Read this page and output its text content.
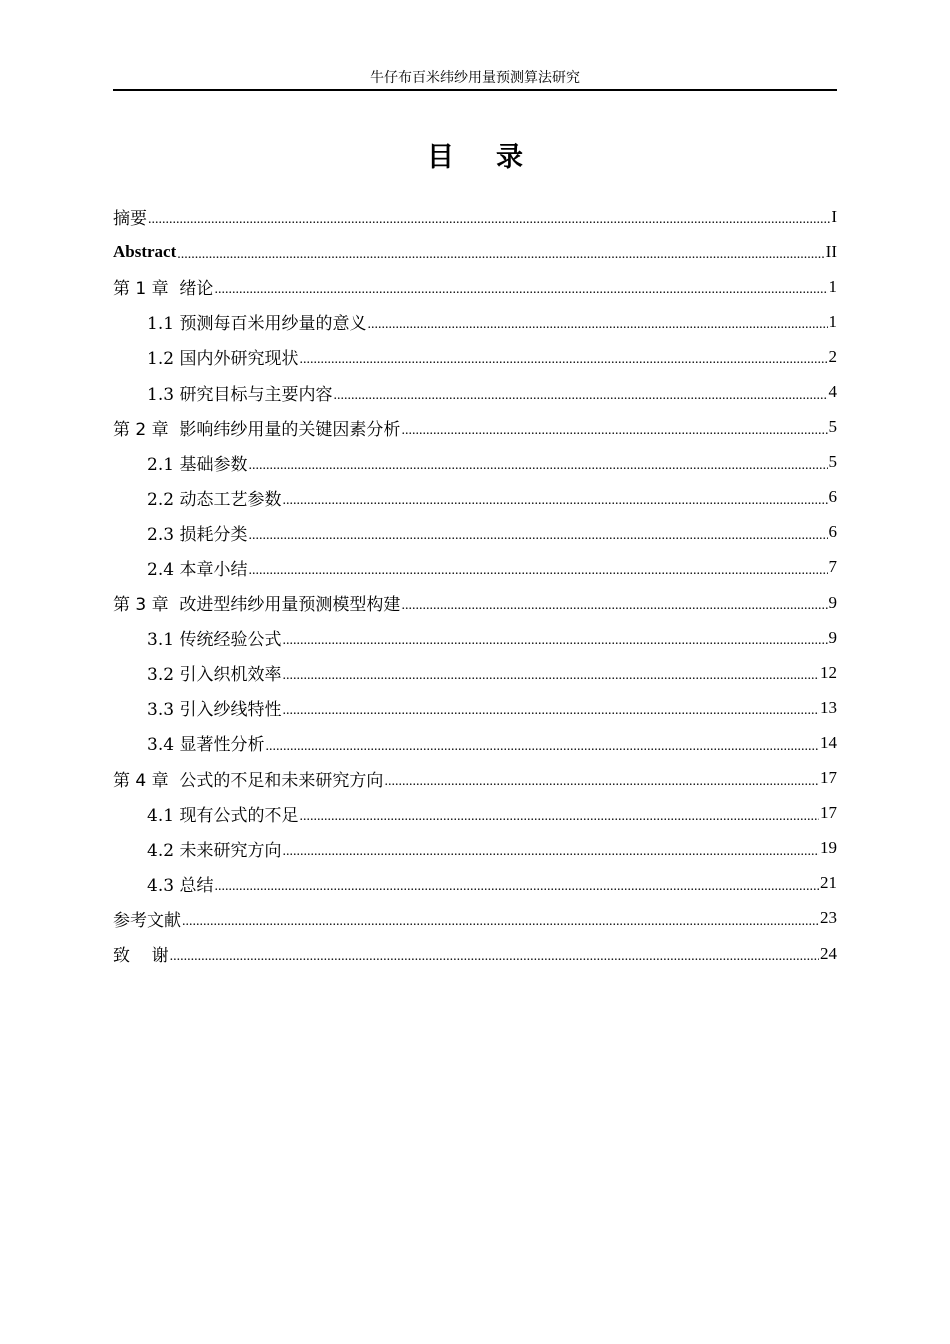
牛仔布百米纬纱用量预测算法研究
目 录
摘要 .....	I
Abstract .....	II
第 1 章  绪论 .....	1
1.1 预测每百米用纱量的意义 .....	1
1.2 国内外研究现状 .....	2
1.3 研究目标与主要内容 .....	4
第 2 章  影响纬纱用量的关键因素分析 .....	5
2.1 基础参数 .....	5
2.2 动态工艺参数 .....	6
2.3 损耗分类 .....	6
2.4 本章小结 .....	7
第 3 章  改进型纬纱用量预测模型构建 .....	9
3.1 传统经验公式 .....	9
3.2 引入织机效率 .....	12
3.3 引入纱线特性 .....	13
3.4 显著性分析 .....	14
第 4 章  公式的不足和未来研究方向 .....	17
4.1 现有公式的不足 .....	17
4.2 未来研究方向 .....	19
4.3 总结 .....	21
参考文献 .....	23
致    谢 .....	24
